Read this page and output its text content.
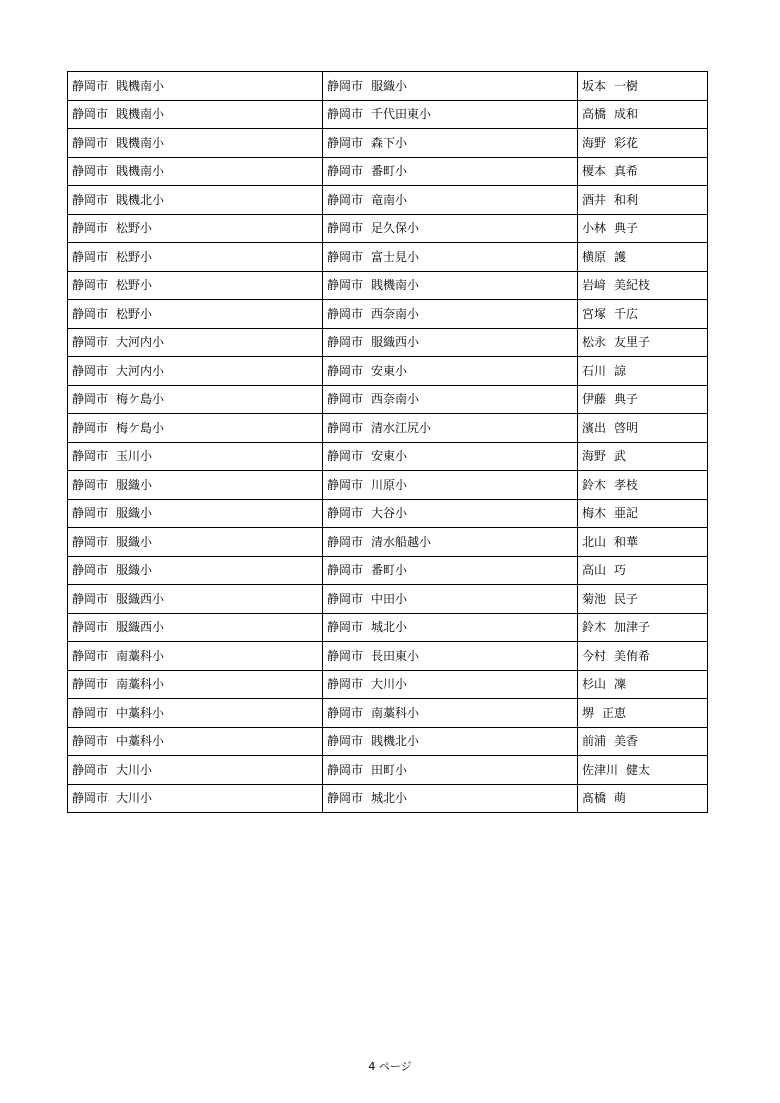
静岡市 賎機南小	静岡市 服織小	坂本 一樹
静岡市 賎機南小	静岡市 千代田東小	高橋 成和
静岡市 賎機南小	静岡市 森下小	海野 彩花
静岡市 賎機南小	静岡市 番町小	榎本 真希
静岡市 賎機北小	静岡市 竜南小	酒井 和利
静岡市 松野小	静岡市 足久保小	小林 典子
静岡市 松野小	静岡市 富士見小	横原 護
静岡市 松野小	静岡市 賎機南小	岩﨑 美紀枝
静岡市 松野小	静岡市 西奈南小	宮塚 千広
静岡市 大河内小	静岡市 服織西小	松永 友里子
静岡市 大河内小	静岡市 安東小	石川 諒
静岡市 梅ケ島小	静岡市 西奈南小	伊藤 典子
静岡市 梅ケ島小	静岡市 清水江尻小	濱出 啓明
静岡市 玉川小	静岡市 安東小	海野 武
静岡市 服織小	静岡市 川原小	鈴木 孝枝
静岡市 服織小	静岡市 大谷小	梅木 亜記
静岡市 服織小	静岡市 清水船越小	北山 和華
静岡市 服織小	静岡市 番町小	高山 巧
静岡市 服織西小	静岡市 中田小	菊池 民子
静岡市 服織西小	静岡市 城北小	鈴木 加津子
静岡市 南藁科小	静岡市 長田東小	今村 美侑希
静岡市 南藁科小	静岡市 大川小	杉山 凜
静岡市 中藁科小	静岡市 南藁科小	堺 正恵
静岡市 中藁科小	静岡市 賎機北小	前浦 美香
静岡市 大川小	静岡市 田町小	佐津川 健太
静岡市 大川小	静岡市 城北小	髙橋 萌
4 ページ
